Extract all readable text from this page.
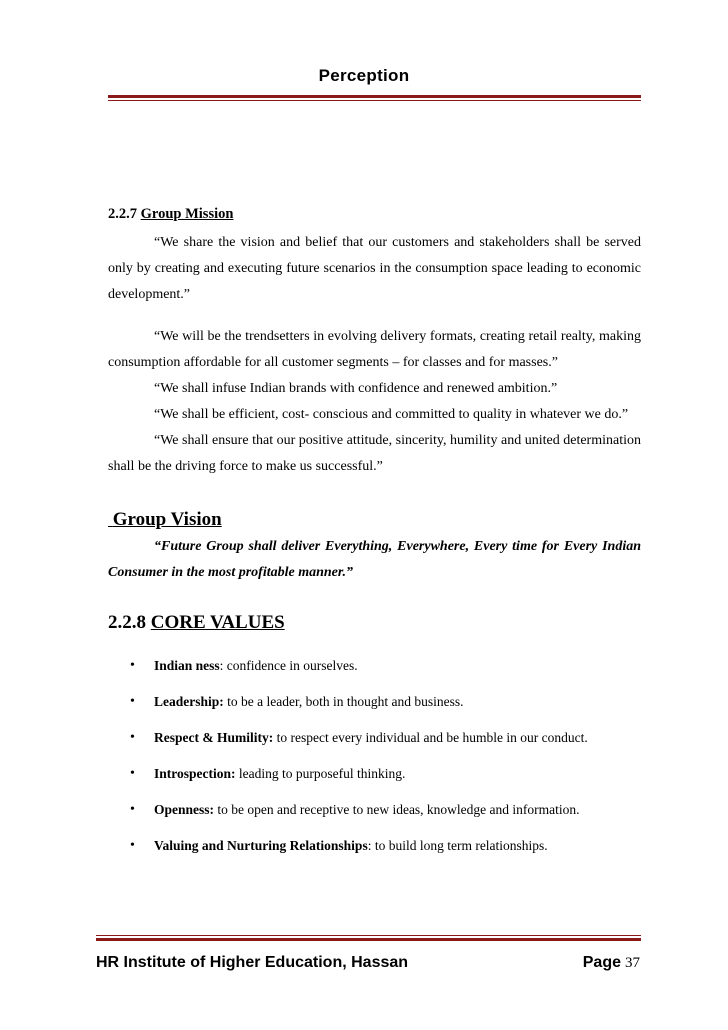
Perception

2.2.7 Group Mission

“We share the vision and belief that our customers and stakeholders shall be served only by creating and executing future scenarios in the consumption space leading to economic development.”

“We will be the trendsetters in evolving delivery formats, creating retail realty, making consumption affordable for all customer segments – for classes and for masses.”

“We shall infuse Indian brands with confidence and renewed ambition.”

“We shall be efficient, cost- conscious and committed to quality in whatever we do.”

“We shall ensure that our positive attitude, sincerity, humility and united determination shall be the driving force to make us successful.”

Group Vision

“Future Group shall deliver Everything, Everywhere, Every time for Every Indian Consumer in the most profitable manner.”

2.2.8 CORE VALUES

• Indian ness: confidence in ourselves.
• Leadership: to be a leader, both in thought and business.
• Respect & Humility: to respect every individual and be humble in our conduct.
• Introspection: leading to purposeful thinking.
• Openness: to be open and receptive to new ideas, knowledge and information.
• Valuing and Nurturing Relationships: to build long term relationships.
HR Institute of Higher Education, Hassan	Page 37
